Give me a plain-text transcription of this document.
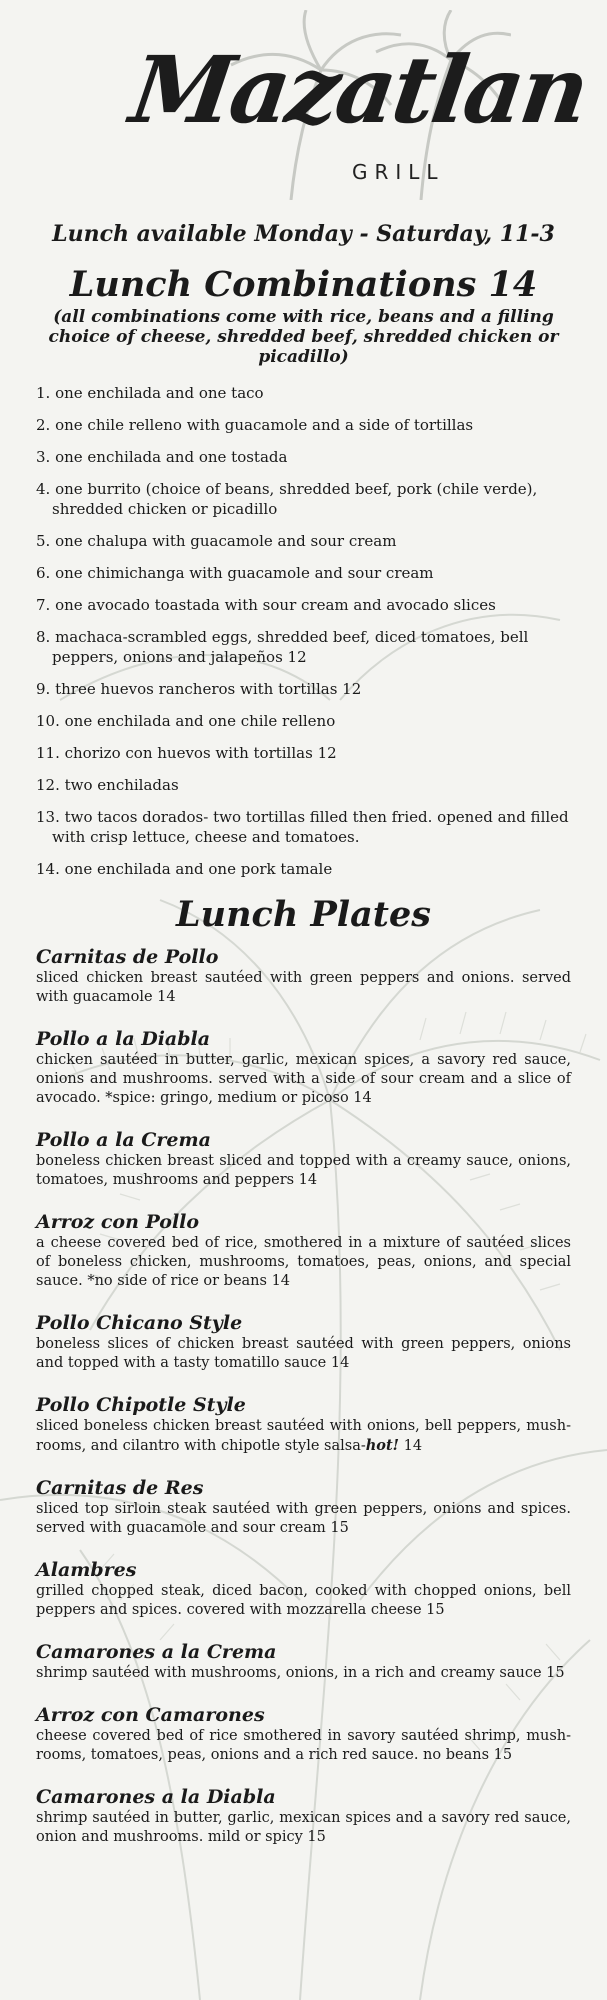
Mazatlan
GRILL
Lunch available Monday - Saturday, 11-3
Lunch Combinations 14
(all combinations come with rice, beans and a filling choice of cheese, shredded beef, shredded chicken or picadillo)
1. one enchilada and one taco
2. one chile relleno with guacamole and a side of tortillas
3. one enchilada and one tostada
4. one burrito (choice of beans, shredded beef, pork (chile verde), shredded chicken or picadillo
5. one chalupa with guacamole and sour cream
6. one chimichanga with guacamole and sour cream
7. one avocado toastada with sour cream and avocado slices
8. machaca-scrambled eggs, shredded beef, diced tomatoes, bell peppers, onions and jalapeños 12
9. three huevos rancheros with tortillas 12
10. one enchilada and one chile relleno
11. chorizo con huevos with tortillas 12
12. two enchiladas
13. two tacos dorados- two tortillas filled then fried. opened and filled with crisp lettuce, cheese and tomatoes.
14. one enchilada and one pork tamale
Lunch Plates
Carnitas de Pollo
sliced chicken breast sautéed with green peppers and onions. served with guacamole 14
Pollo a la Diabla
chicken sautéed in butter, garlic, mexican spices, a savory red sauce, onions and mushrooms. served with a side of sour cream and a slice of avocado. *spice: gringo, medium or picoso 14
Pollo a la Crema
boneless chicken breast sliced and topped with a creamy sauce, onions, tomatoes, mushrooms and peppers 14
Arroz con Pollo
a cheese covered bed of rice, smothered in a mixture of sautéed slices of boneless chicken, mushrooms, tomatoes, peas, onions, and special sauce. *no side of rice or beans 14
Pollo Chicano Style
boneless slices of chicken breast sautéed with green peppers, onions and topped with a tasty tomatillo sauce 14
Pollo Chipotle Style
sliced boneless chicken breast sautéed with onions, bell peppers, mush-rooms, and cilantro with chipotle style salsa-hot! 14
Carnitas de Res
sliced top sirloin steak sautéed with green peppers, onions and spices. served with guacamole and sour cream 15
Alambres
grilled chopped steak, diced bacon, cooked with chopped onions, bell peppers and spices. covered with mozzarella cheese 15
Camarones a la Crema
shrimp sautéed with mushrooms, onions, in a rich and creamy sauce 15
Arroz con Camarones
cheese covered bed of rice smothered in savory sautéed shrimp, mush-rooms, tomatoes, peas, onions and a rich red sauce. no beans 15
Camarones a la Diabla
shrimp sautéed in butter, garlic, mexican spices and a savory red sauce, onion and mushrooms. mild or spicy 15
